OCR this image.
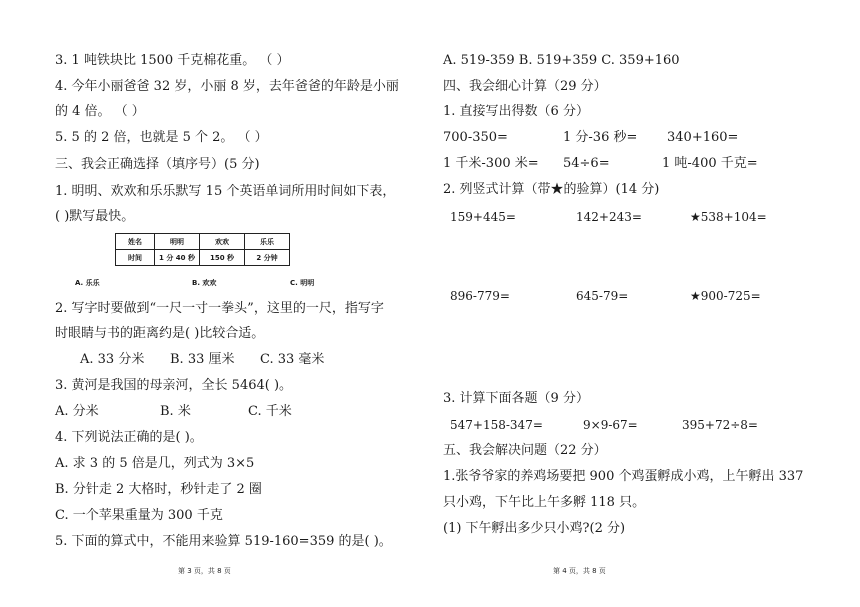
3. 1 吨铁块比 1500 千克棉花重。 （ ）
4. 今年小丽爸爸 32 岁，小丽 8 岁，去年爸爸的年龄是小丽
的 4 倍。 （ ）
5. 5 的 2 倍，也就是 5 个 2。 （ ）
三、我会正确选择（填序号）(5 分)
1. 明明、欢欢和乐乐默写 15 个英语单词所用时间如下表，
( )默写最快。
姓名	明明	欢欢	乐乐
时间	1 分 40 秒	150 秒	2 分钟
A. 乐乐	B. 欢欢	C. 明明
2. 写字时要做到“一尺一寸一拳头”，这里的一尺，指写字
时眼睛与书的距离约是( )比较合适。
A. 33 分米 B. 33 厘米 C. 33 毫米
3. 黄河是我国的母亲河，全长 5464( )。
A. 分米	B. 米	C. 千米
4. 下列说法正确的是( )。
A. 求 3 的 5 倍是几，列式为 3×5
B. 分针走 2 大格时，秒针走了 2 圈
C. 一个苹果重量为 300 千克
5. 下面的算式中，不能用来验算 519-160=359 的是( )。
第 3 页，共 8 页
A. 519-359 B. 519+359 C. 359+160
四、我会细心计算（29 分）
1. 直接写出得数（6 分）
700-350=	1 分-36 秒= 340+160=
1 千米-300 米= 54÷6=	1 吨-400 千克=
2. 列竖式计算（带★的验算）(14 分)
159+445=	142+243=	★538+104=
896-779=	645-79=	★900-725=
3. 计算下面各题（9 分）
547+158-347=	9×9-67=	395+72÷8=
五、我会解决问题（22 分）
1.张爷爷家的养鸡场要把 900 个鸡蛋孵成小鸡，上午孵出 337
只小鸡，下午比上午多孵 118 只。
(1) 下午孵出多少只小鸡?(2 分)
第 4 页，共 8 页
